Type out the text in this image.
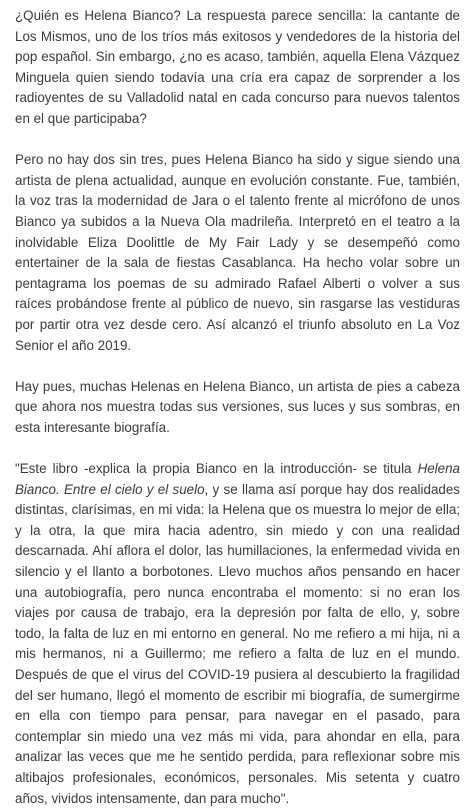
¿Quién es Helena Bianco? La respuesta parece sencilla: la cantante de Los Mismos, uno de los tríos más exitosos y vendedores de la historia del pop español. Sin embargo, ¿no es acaso, también, aquella Elena Vázquez Minguela quien siendo todavía una cría era capaz de sorprender a los radioyentes de su Valladolid natal en cada concurso para nuevos talentos en el que participaba?

Pero no hay dos sin tres, pues Helena Bianco ha sido y sigue siendo una artista de plena actualidad, aunque en evolución constante. Fue, también, la voz tras la modernidad de Jara o el talento frente al micrófono de unos Bianco ya subidos a la Nueva Ola madrileña. Interpretó en el teatro a la inolvidable Eliza Doolittle de My Fair Lady y se desempeñó como entertainer de la sala de fiestas Casablanca. Ha hecho volar sobre un pentagrama los poemas de su admirado Rafael Alberti o volver a sus raíces probándose frente al público de nuevo, sin rasgarse las vestiduras por partir otra vez desde cero. Así alcanzó el triunfo absoluto en La Voz Senior el año 2019.

Hay pues, muchas Helenas en Helena Bianco, un artista de pies a cabeza que ahora nos muestra todas sus versiones, sus luces y sus sombras, en esta interesante biografía.

"Este libro -explica la propia Bianco en la introducción- se titula Helena Bianco. Entre el cielo y el suelo, y se llama así porque hay dos realidades distintas, clarísimas, en mi vida: la Helena que os muestra lo mejor de ella; y la otra, la que mira hacia adentro, sin miedo y con una realidad descarnada. Ahí aflora el dolor, las humillaciones, la enfermedad vivida en silencio y el llanto a borbotones. Llevo muchos años pensando en hacer una autobiografía, pero nunca encontraba el momento: si no eran los viajes por causa de trabajo, era la depresión por falta de ello, y, sobre todo, la falta de luz en mi entorno en general. No me refiero a mi hija, ni a mis hermanos, ni a Guillermo; me refiero a falta de luz en el mundo. Después de que el virus del COVID-19 pusiera al descubierto la fragilidad del ser humano, llegó el momento de escribir mi biografía, de sumergirme en ella con tiempo para pensar, para navegar en el pasado, para contemplar sin miedo una vez más mi vida, para ahondar en ella, para analizar las veces que me he sentido perdida, para reflexionar sobre mis altibajos profesionales, económicos, personales. Mis setenta y cuatro años, vividos intensamente, dan para mucho".
